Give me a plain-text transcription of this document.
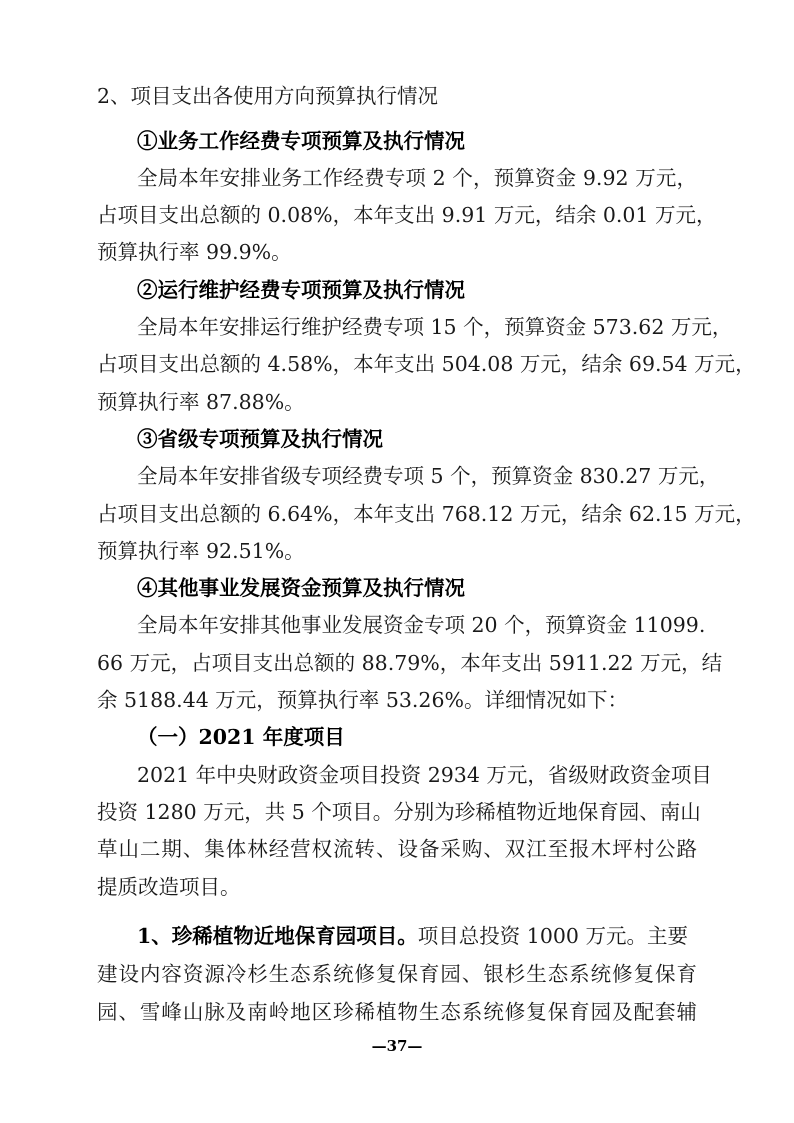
2、项目支出各使用方向预算执行情况
①业务工作经费专项预算及执行情况
全局本年安排业务工作经费专项 2 个，预算资金 9.92 万元，
占项目支出总额的 0.08%，本年支出 9.91 万元，结余 0.01 万元，
预算执行率 99.9%。
②运行维护经费专项预算及执行情况
全局本年安排运行维护经费专项 15 个，预算资金 573.62 万元，
占项目支出总额的 4.58%，本年支出 504.08 万元，结余 69.54 万元，
预算执行率 87.88%。
③省级专项预算及执行情况
全局本年安排省级专项经费专项 5 个，预算资金 830.27 万元，
占项目支出总额的 6.64%，本年支出 768.12 万元，结余 62.15 万元，
预算执行率 92.51%。
④其他事业发展资金预算及执行情况
全局本年安排其他事业发展资金专项 20 个，预算资金 11099.
66 万元，占项目支出总额的 88.79%，本年支出 5911.22 万元，结
余 5188.44 万元，预算执行率 53.26%。详细情况如下：
（一）2021 年度项目
2021 年中央财政资金项目投资 2934 万元，省级财政资金项目
投资 1280 万元，共 5 个项目。分别为珍稀植物近地保育园、南山
草山二期、集体林经营权流转、设备采购、双江至报木坪村公路
提质改造项目。
1、珍稀植物近地保育园项目。项目总投资 1000 万元。主要
建设内容资源冷杉生态系统修复保育园、银杉生态系统修复保育
园、雪峰山脉及南岭地区珍稀植物生态系统修复保育园及配套辅
—37—
